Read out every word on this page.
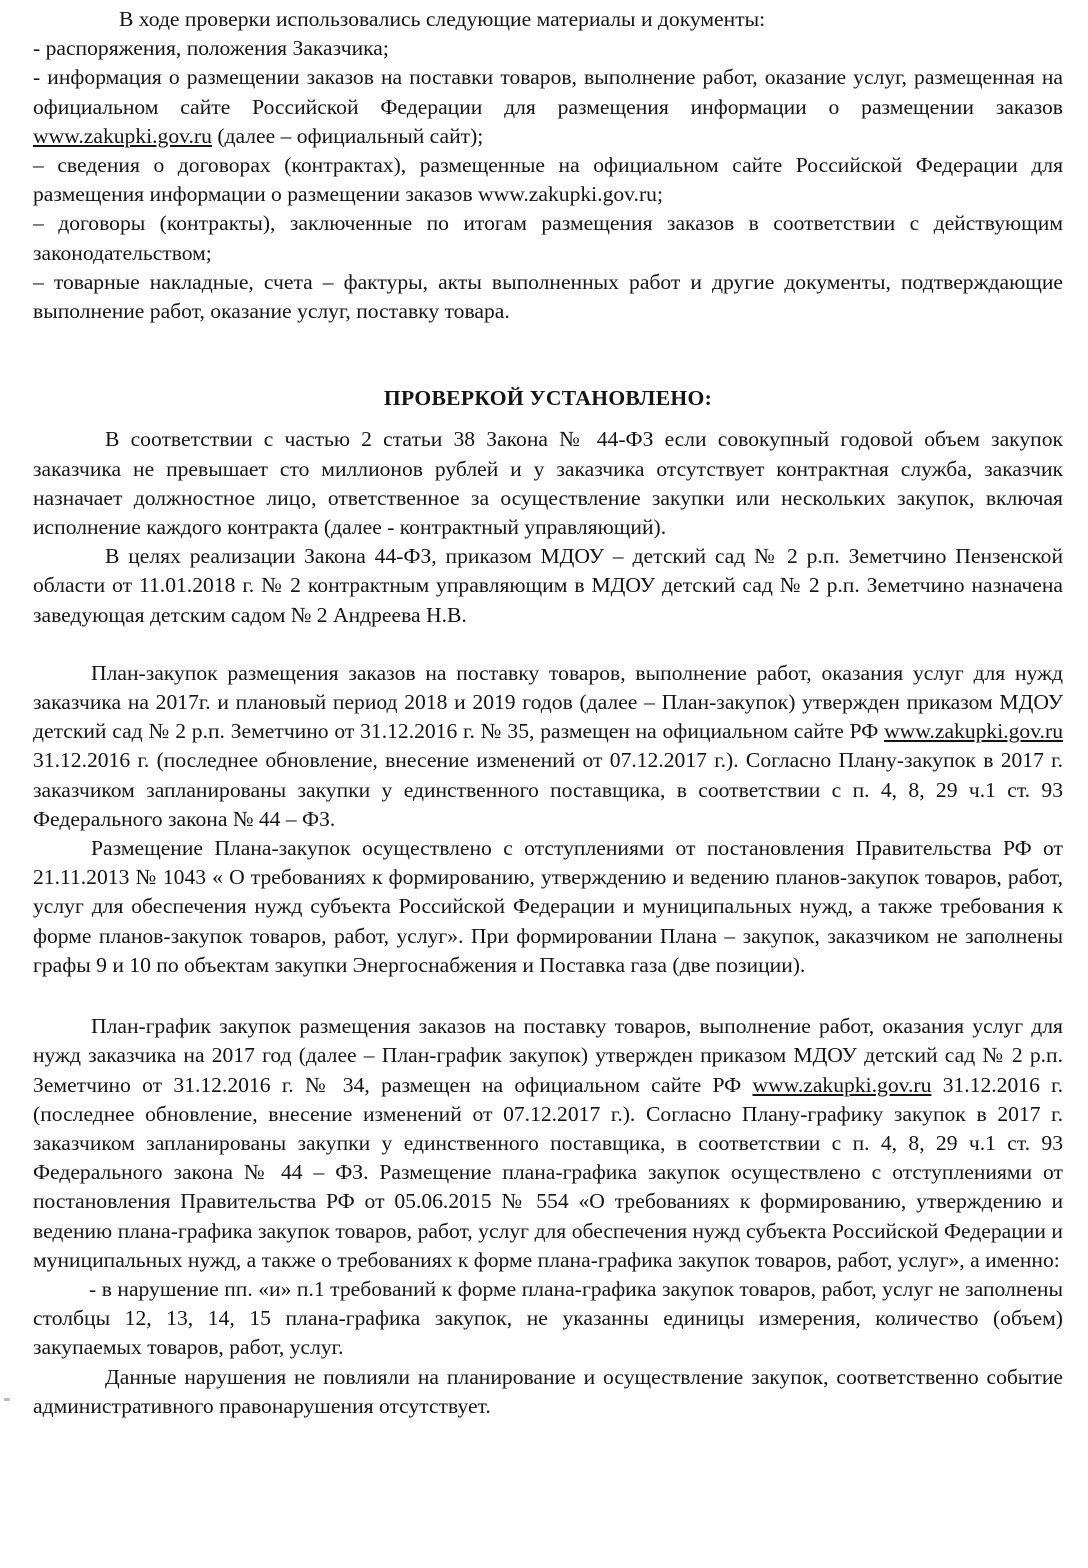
В ходе проверки использовались следующие материалы и документы:

- распоряжения, положения Заказчика;

- информация о размещении заказов на поставки товаров, выполнение работ, оказание услуг, размещенная на официальном сайте Российской Федерации для размещения информации о размещении заказов www.zakupki.gov.ru (далее – официальный сайт);

– сведения о договорах (контрактах), размещенные на официальном сайте Российской Федерации для размещения информации о размещении заказов www.zakupki.gov.ru;

– договоры (контракты), заключенные по итогам размещения заказов в соответствии с действующим законодательством;

– товарные накладные, счета – фактуры, акты выполненных работ и другие документы, подтверждающие выполнение работ, оказание услуг, поставку товара.

ПРОВЕРКОЙ УСТАНОВЛЕНО:

В соответствии с частью 2 статьи 38 Закона № 44-ФЗ если совокупный годовой объем закупок заказчика не превышает сто миллионов рублей и у заказчика отсутствует контрактная служба, заказчик назначает должностное лицо, ответственное за осуществление закупки или нескольких закупок, включая исполнение каждого контракта (далее - контрактный управляющий).

В целях реализации Закона 44-ФЗ, приказом МДОУ – детский сад № 2 р.п. Земетчино Пензенской области от 11.01.2018 г. № 2 контрактным управляющим в МДОУ детский сад № 2 р.п. Земетчино назначена заведующая детским садом № 2 Андреева Н.В.

План-закупок размещения заказов на поставку товаров, выполнение работ, оказания услуг для нужд заказчика на 2017г. и плановый период 2018 и 2019 годов (далее – План-закупок) утвержден приказом МДОУ детский сад № 2 р.п. Земетчино от 31.12.2016 г. № 35, размещен на официальном сайте РФ www.zakupki.gov.ru 31.12.2016 г. (последнее обновление, внесение изменений от 07.12.2017 г.). Согласно Плану-закупок в 2017 г. заказчиком запланированы закупки у единственного поставщика, в соответствии с п. 4, 8, 29 ч.1 ст. 93 Федерального закона № 44 – ФЗ.

Размещение Плана-закупок осуществлено с отступлениями от постановления Правительства РФ от 21.11.2013 № 1043 « О требованиях к формированию, утверждению и ведению планов-закупок товаров, работ, услуг для обеспечения нужд субъекта Российской Федерации и муниципальных нужд, а также требования к форме планов-закупок товаров, работ, услуг». При формировании Плана – закупок, заказчиком не заполнены графы 9 и 10 по объектам закупки Энергоснабжения и Поставка газа (две позиции).

План-график закупок размещения заказов на поставку товаров, выполнение работ, оказания услуг для нужд заказчика на 2017 год (далее – План-график закупок) утвержден приказом МДОУ детский сад № 2 р.п. Земетчино от 31.12.2016 г. № 34, размещен на официальном сайте РФ www.zakupki.gov.ru 31.12.2016 г. (последнее обновление, внесение изменений от 07.12.2017 г.). Согласно Плану-графику закупок в 2017 г. заказчиком запланированы закупки у единственного поставщика, в соответствии с п. 4, 8, 29 ч.1 ст. 93 Федерального закона № 44 – ФЗ. Размещение плана-графика закупок осуществлено с отступлениями от постановления Правительства РФ от 05.06.2015 № 554 «О требованиях к формированию, утверждению и ведению плана-графика закупок товаров, работ, услуг для обеспечения нужд субъекта Российской Федерации и муниципальных нужд, а также о требованиях к форме плана-графика закупок товаров, работ, услуг», а именно:

- в нарушение пп. «и» п.1 требований к форме плана-графика закупок товаров, работ, услуг не заполнены столбцы 12, 13, 14, 15 плана-графика закупок, не указанны единицы измерения, количество (объем) закупаемых товаров, работ, услуг.

Данные нарушения не повлияли на планирование и осуществление закупок, соответственно событие административного правонарушения отсутствует.
